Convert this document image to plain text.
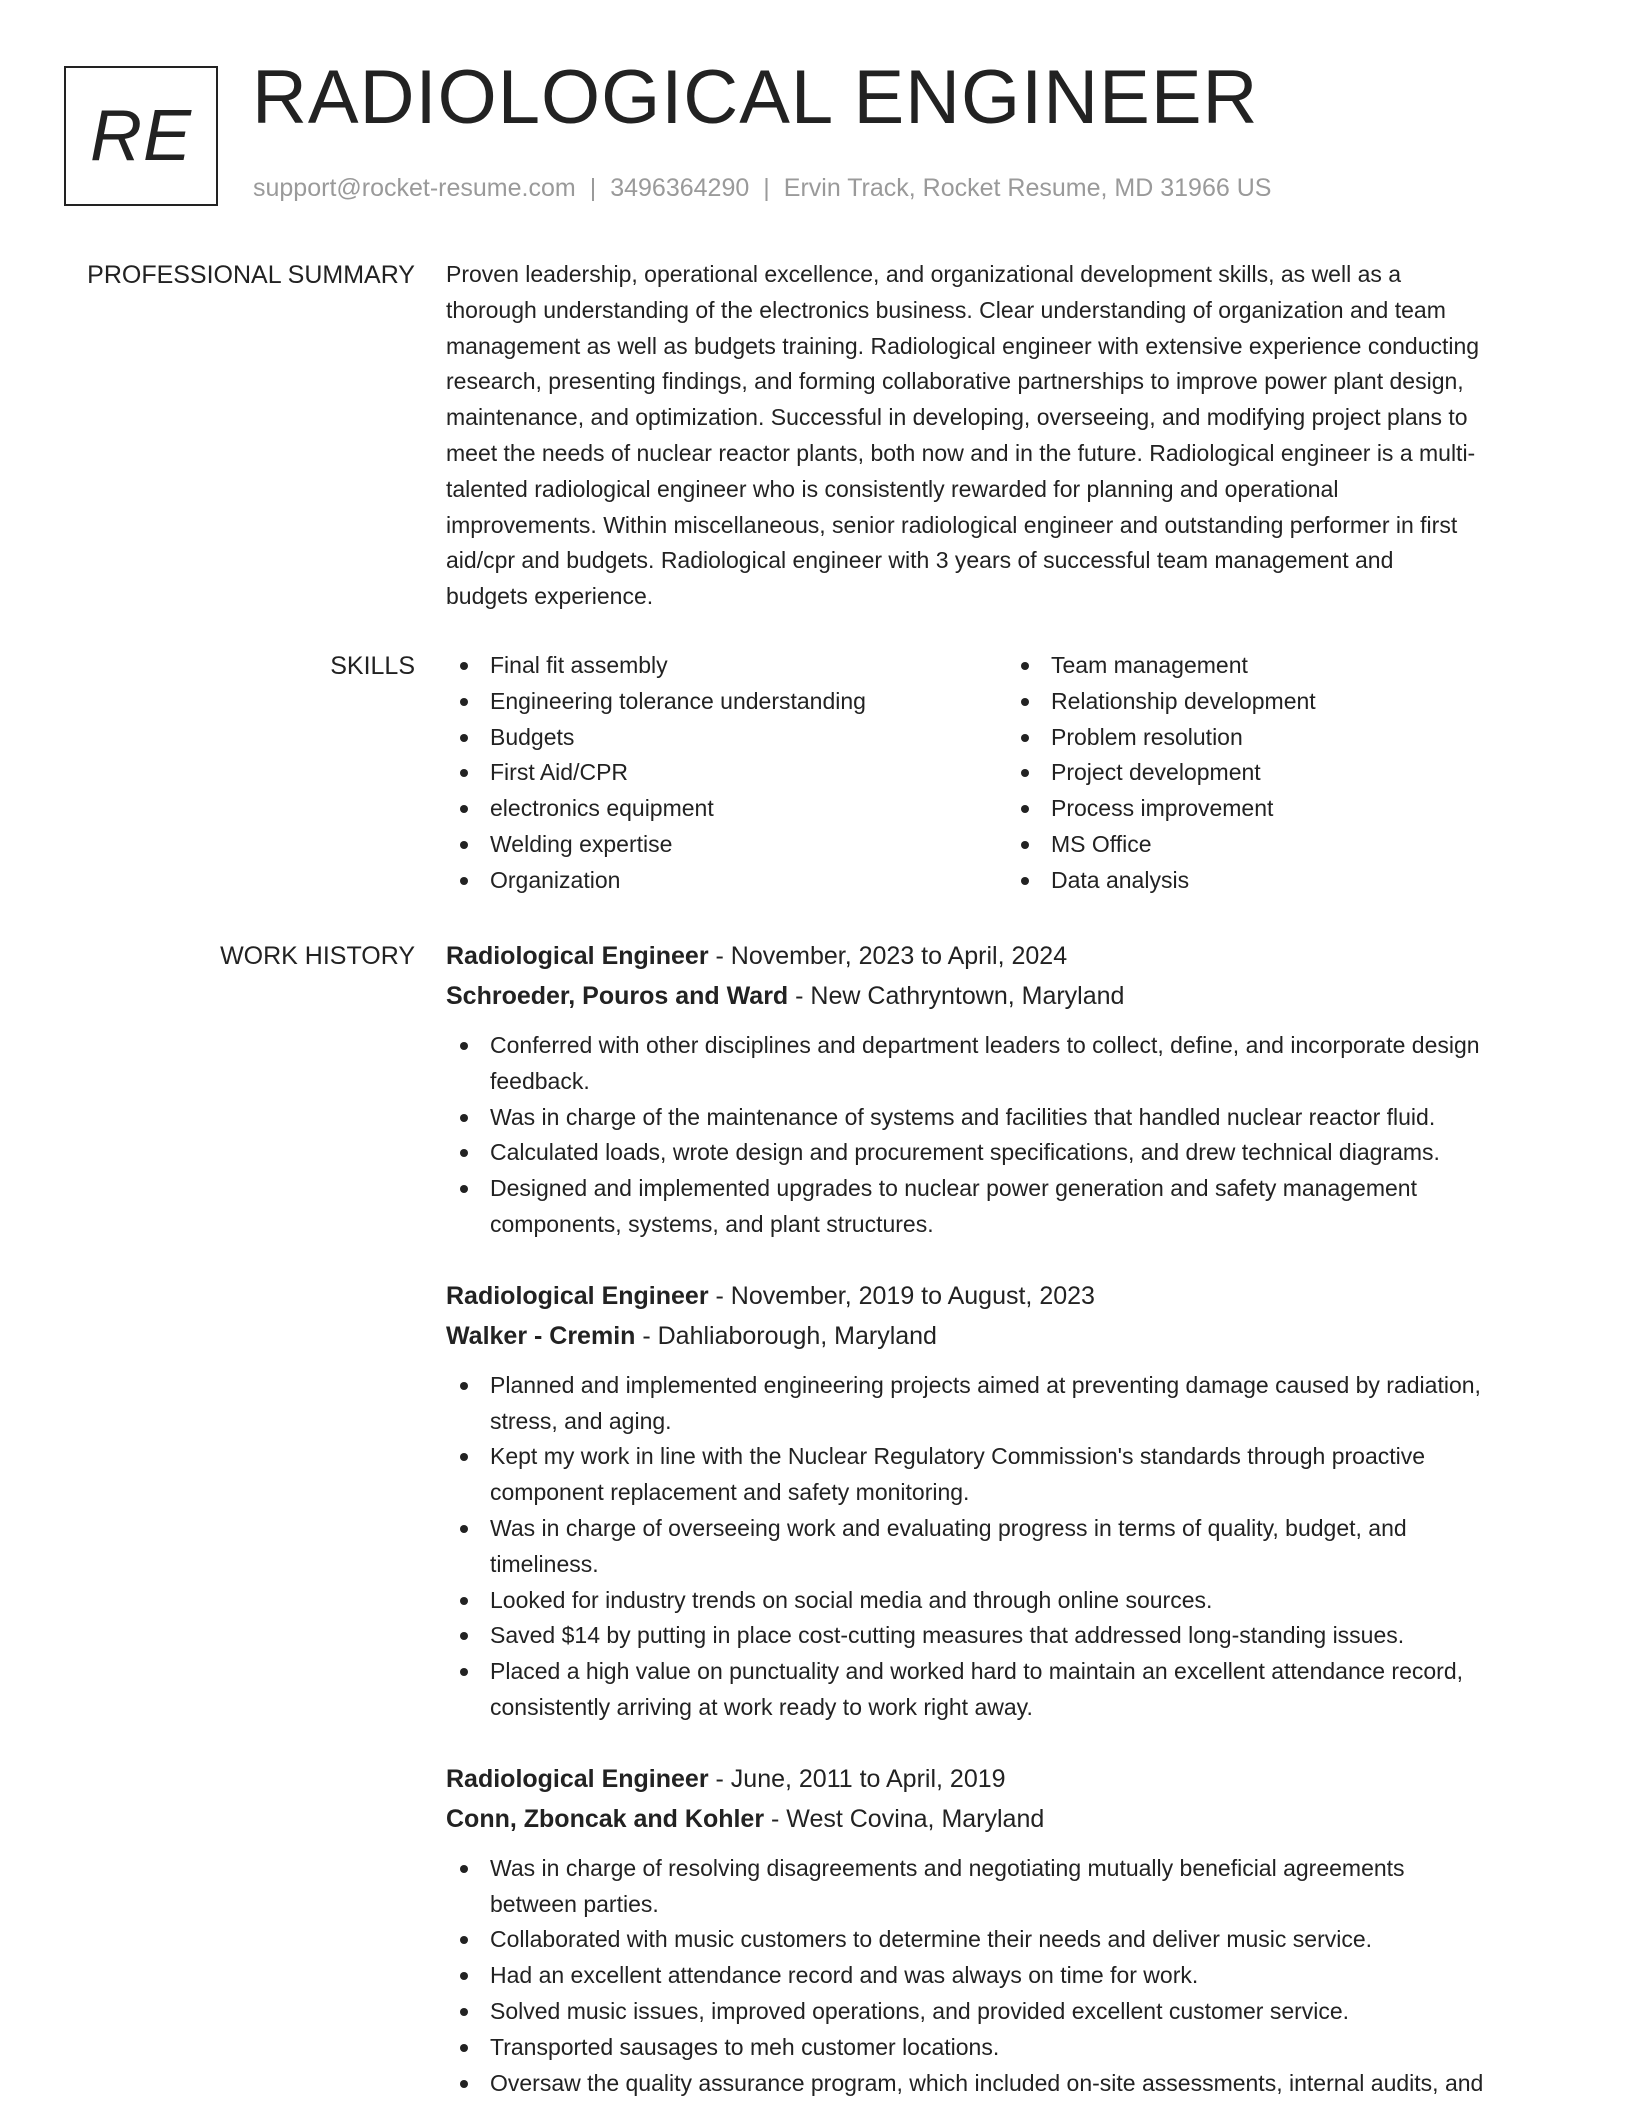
RE RADIOLOGICAL ENGINEER
support@rocket-resume.com | 3496364290 | Ervin Track, Rocket Resume, MD 31966 US
PROFESSIONAL SUMMARY Proven leadership, operational excellence, and organizational development skills, as well as a
thorough understanding of the electronics business. Clear understanding of organization and team
management as well as budgets training. Radiological engineer with extensive experience conducting
research, presenting findings, and forming collaborative partnerships to improve power plant design,
maintenance, and optimization. Successful in developing, overseeing, and modifying project plans to
meet the needs of nuclear reactor plants, both now and in the future. Radiological engineer is a multi-
talented radiological engineer who is consistently rewarded for planning and operational
improvements. Within miscellaneous, senior radiological engineer and outstanding performer in first
aid/cpr and budgets. Radiological engineer with 3 years of successful team management and
budgets experience.

SKILLS	Final fit assembly
Engineering tolerance understanding
Budgets
First Aid/CPR
electronics equipment
Welding expertise
Organization
Team management
Relationship development
Problem resolution
Project development
Process improvement
MS Office
Data analysis
WORK HISTORY Radiological Engineer - November, 2023 to April, 2024
Schroeder, Pouros and Ward - New Cathryntown, Maryland
Conferred with other disciplines and department leaders to collect, define, and incorporate design
feedback.
Was in charge of the maintenance of systems and facilities that handled nuclear reactor fluid.
Calculated loads, wrote design and procurement specifications, and drew technical diagrams.
Designed and implemented upgrades to nuclear power generation and safety management
components, systems, and plant structures.
Radiological Engineer - November, 2019 to August, 2023
Walker - Cremin - Dahliaborough, Maryland
Planned and implemented engineering projects aimed at preventing damage caused by radiation,
stress, and aging.
Kept my work in line with the Nuclear Regulatory Commission's standards through proactive
component replacement and safety monitoring.
Was in charge of overseeing work and evaluating progress in terms of quality, budget, and
timeliness.
Looked for industry trends on social media and through online sources.
Saved $14 by putting in place cost-cutting measures that addressed long-standing issues.
Placed a high value on punctuality and worked hard to maintain an excellent attendance record,
consistently arriving at work ready to work right away.
Radiological Engineer - June, 2011 to April, 2019
Conn, Zboncak and Kohler - West Covina, Maryland
Was in charge of resolving disagreements and negotiating mutually beneficial agreements
between parties.
Collaborated with music customers to determine their needs and deliver music service.
Had an excellent attendance record and was always on time for work.
Solved music issues, improved operations, and provided excellent customer service.
Transported sausages to meh customer locations.
Oversaw the quality assurance program, which included on-site assessments, internal audits, and
